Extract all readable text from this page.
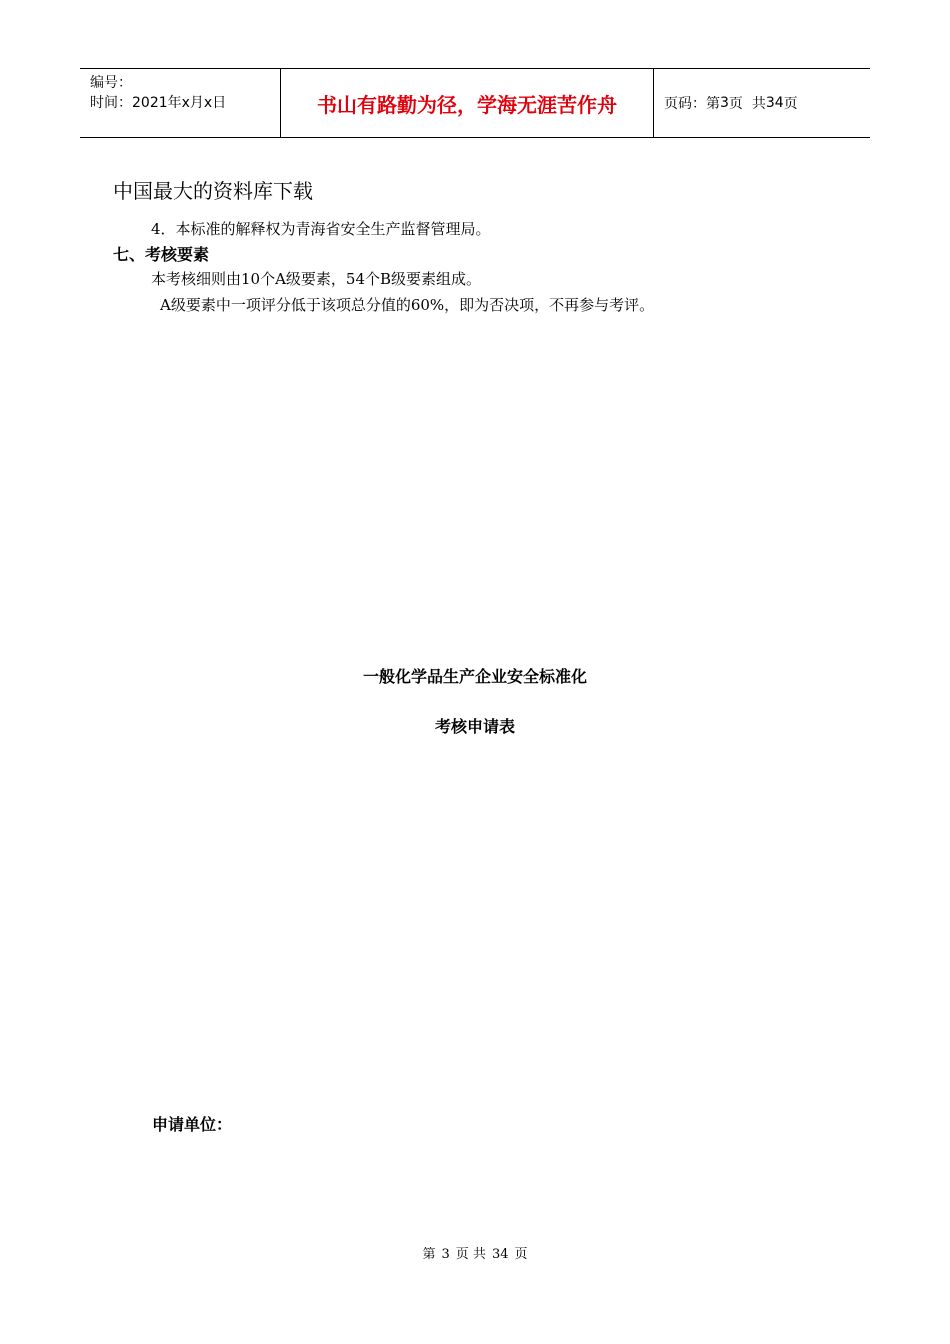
编号：
时间：2021年x月x日	书山有路勤为径，学海无涯苦作舟	页码：第 3 页  共 34 页
中国最大的资料库下载
4．本标准的解释权为青海省安全生产监督管理局。
七、考核要素
本考核细则由10个A级要素，54个B级要素组成。
A级要素中一项评分低于该项总分值的60%，即为否决项，不再参与考评。
一般化学品生产企业安全标准化
考核申请表
申请单位：
第 3 页 共 34 页
